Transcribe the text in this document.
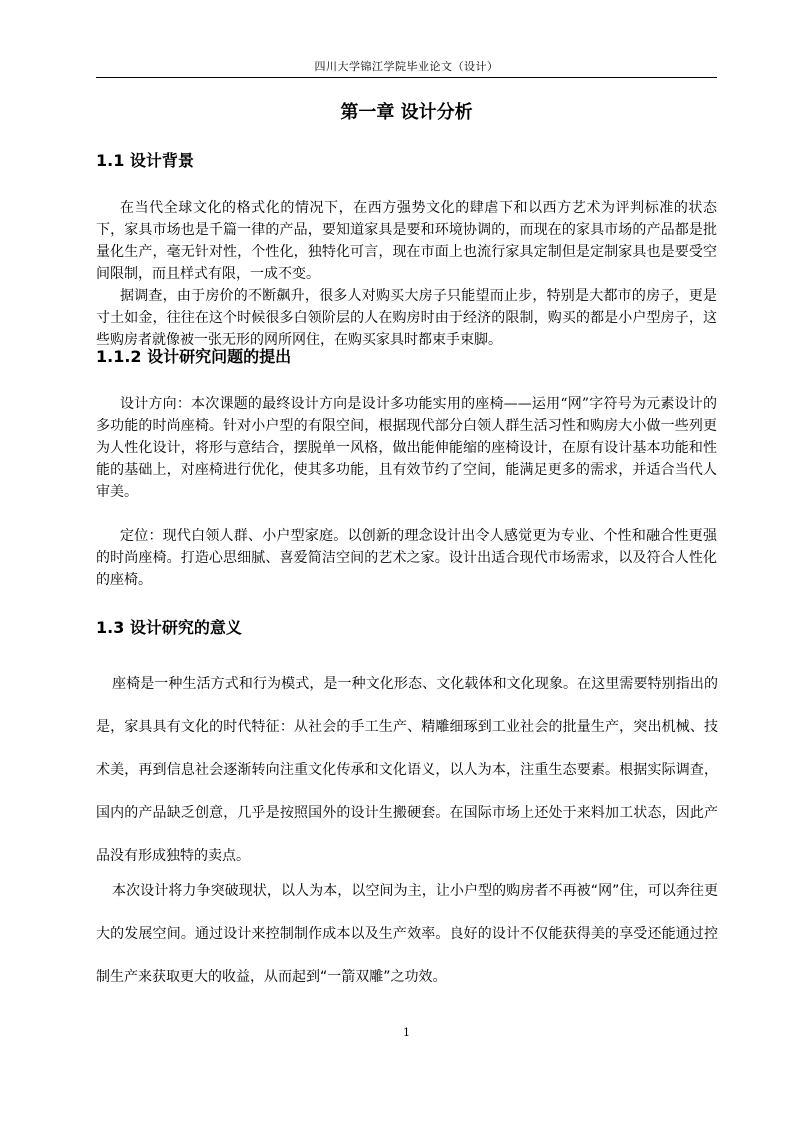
四川大学锦江学院毕业论文（设计）
第一章 设计分析
1.1 设计背景

在当代全球文化的格式化的情况下，在西方强势文化的肆虐下和以西方艺术为评判标准的状态下，家具市场也是千篇一律的产品，要知道家具是要和环境协调的，而现在的家具市场的产品都是批量化生产，毫无针对性，个性化，独特化可言，现在市面上也流行家具定制但是定制家具也是要受空间限制，而且样式有限，一成不变。

据调查，由于房价的不断飙升，很多人对购买大房子只能望而止步，特别是大都市的房子，更是寸土如金，往往在这个时候很多白领阶层的人在购房时由于经济的限制，购买的都是小户型房子，这些购房者就像被一张无形的网所网住，在购买家具时都束手束脚。

1.1.2 设计研究问题的提出

设计方向：本次课题的最终设计方向是设计多功能实用的座椅——运用“网”字符号为元素设计的多功能的时尚座椅。针对小户型的有限空间，根据现代部分白领人群生活习性和购房大小做一些列更为人性化设计，将形与意结合，摆脱单一风格，做出能伸能缩的座椅设计，在原有设计基本功能和性能的基础上，对座椅进行优化，使其多功能，且有效节约了空间，能满足更多的需求，并适合当代人审美。

定位：现代白领人群、小户型家庭。以创新的理念设计出令人感觉更为专业、个性和融合性更强的时尚座椅。打造心思细腻、喜爱简洁空间的艺术之家。设计出适合现代市场需求，以及符合人性化的座椅。

1.3 设计研究的意义

座椅是一种生活方式和行为模式，是一种文化形态、文化载体和文化现象。在这里需要特别指出的是，家具具有文化的时代特征：从社会的手工生产、精雕细琢到工业社会的批量生产，突出机械、技术美，再到信息社会逐渐转向注重文化传承和文化语义，以人为本，注重生态要素。根据实际调查，国内的产品缺乏创意，几乎是按照国外的设计生搬硬套。在国际市场上还处于来料加工状态，因此产品没有形成独特的卖点。

本次设计将力争突破现状，以人为本，以空间为主，让小户型的购房者不再被“网”住，可以奔往更大的发展空间。通过设计来控制制作成本以及生产效率。良好的设计不仅能获得美的享受还能通过控制生产来获取更大的收益，从而起到“一箭双雕”之功效。

1
